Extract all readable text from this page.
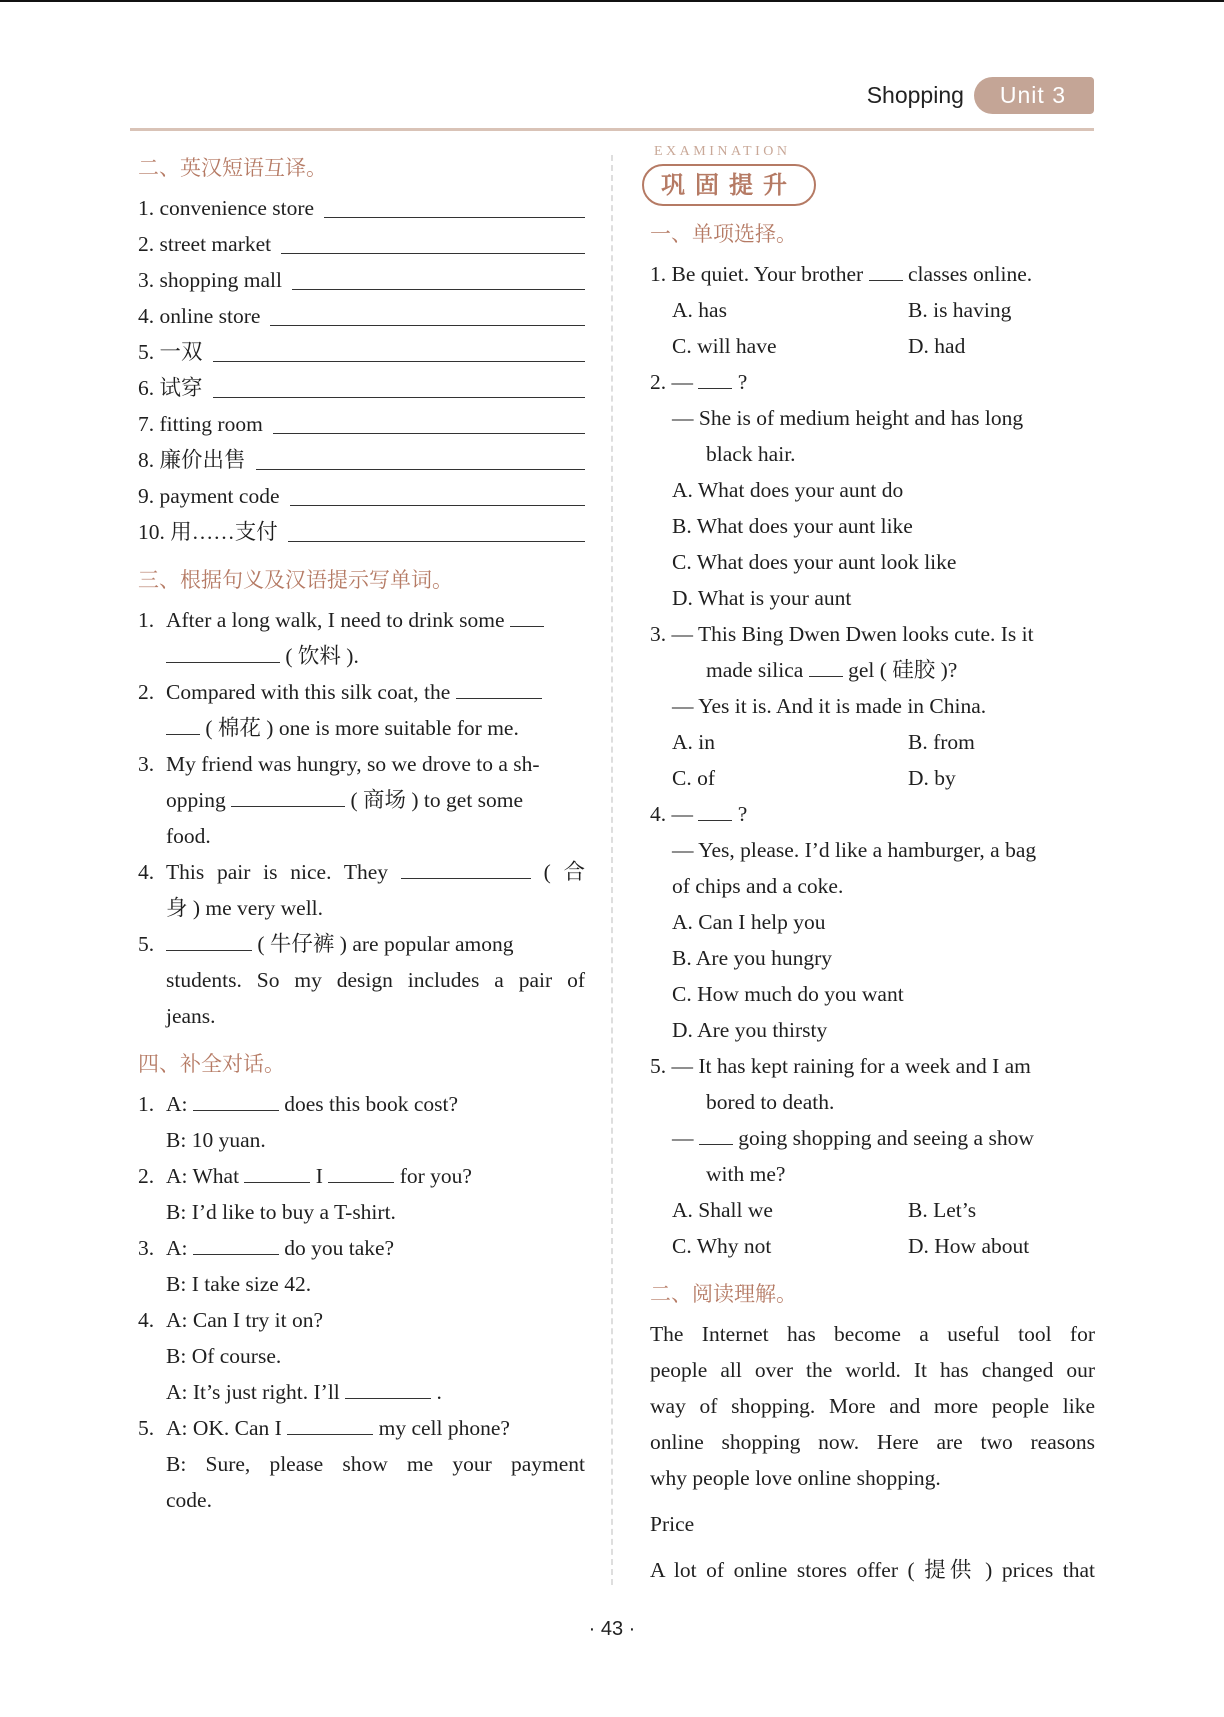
Shopping	Unit 3
二、英汉短语互译。
1. convenience store
2. street market
3. shopping mall
4. online store
5. 一双
6. 试穿
7. fitting room
8. 廉价出售
9. payment code
10. 用……支付
三、根据句义及汉语提示写单词。
1. After a long walk, I need to drink some
( 饮料 ).
2. Compared with this silk coat, the
( 棉花 ) one is more suitable for me.
3. My friend was hungry, so we drove to a sh-
opping	( 商场 ) to get some
food.
4. This pair is nice. They	( 合
身 ) me very well.
5.	( 牛仔裤 ) are popular among
students. So my design includes a pair of
jeans.
四、补全对话。
1. A:	does this book cost?
B: 10 yuan.
2. A: What	I	for you?
B: I’d like to buy a T-shirt.
3. A:	do you take?
B: I take size 42.
4. A: Can I try it on?
B: Of course.
A: It’s just right. I’ll	.
5. A: OK. Can I	my cell phone?
B: Sure, please show me your payment
code.
EXAMINATION
巩固提升
一、单项选择。
1. Be quiet. Your brother classes online.
A. has	B. is having
C. will have	D. had
2. — ?
— She is of medium height and has long
black hair.
A. What does your aunt do
B. What does your aunt like
C. What does your aunt look like
D. What is your aunt
3. — This Bing Dwen Dwen looks cute. Is it
made silica gel ( 硅胶 )?
— Yes it is. And it is made in China.
A. in	B. from
C. of	D. by
4. — ?
— Yes, please. I’d like a hamburger, a bag
of chips and a coke.
A. Can I help you
B. Are you hungry
C. How much do you want
D. Are you thirsty
5. — It has kept raining for a week and I am
bored to death.
— going shopping and seeing a show
with me?
A. Shall we	B. Let’s
C. Why not	D. How about
二、阅读理解。
The Internet has become a useful tool for
people all over the world. It has changed our
way of shopping. More and more people like
online shopping now. Here are two reasons
why people love online shopping.
Price
A lot of online stores offer ( 提供 ) prices that
· 43 ·
